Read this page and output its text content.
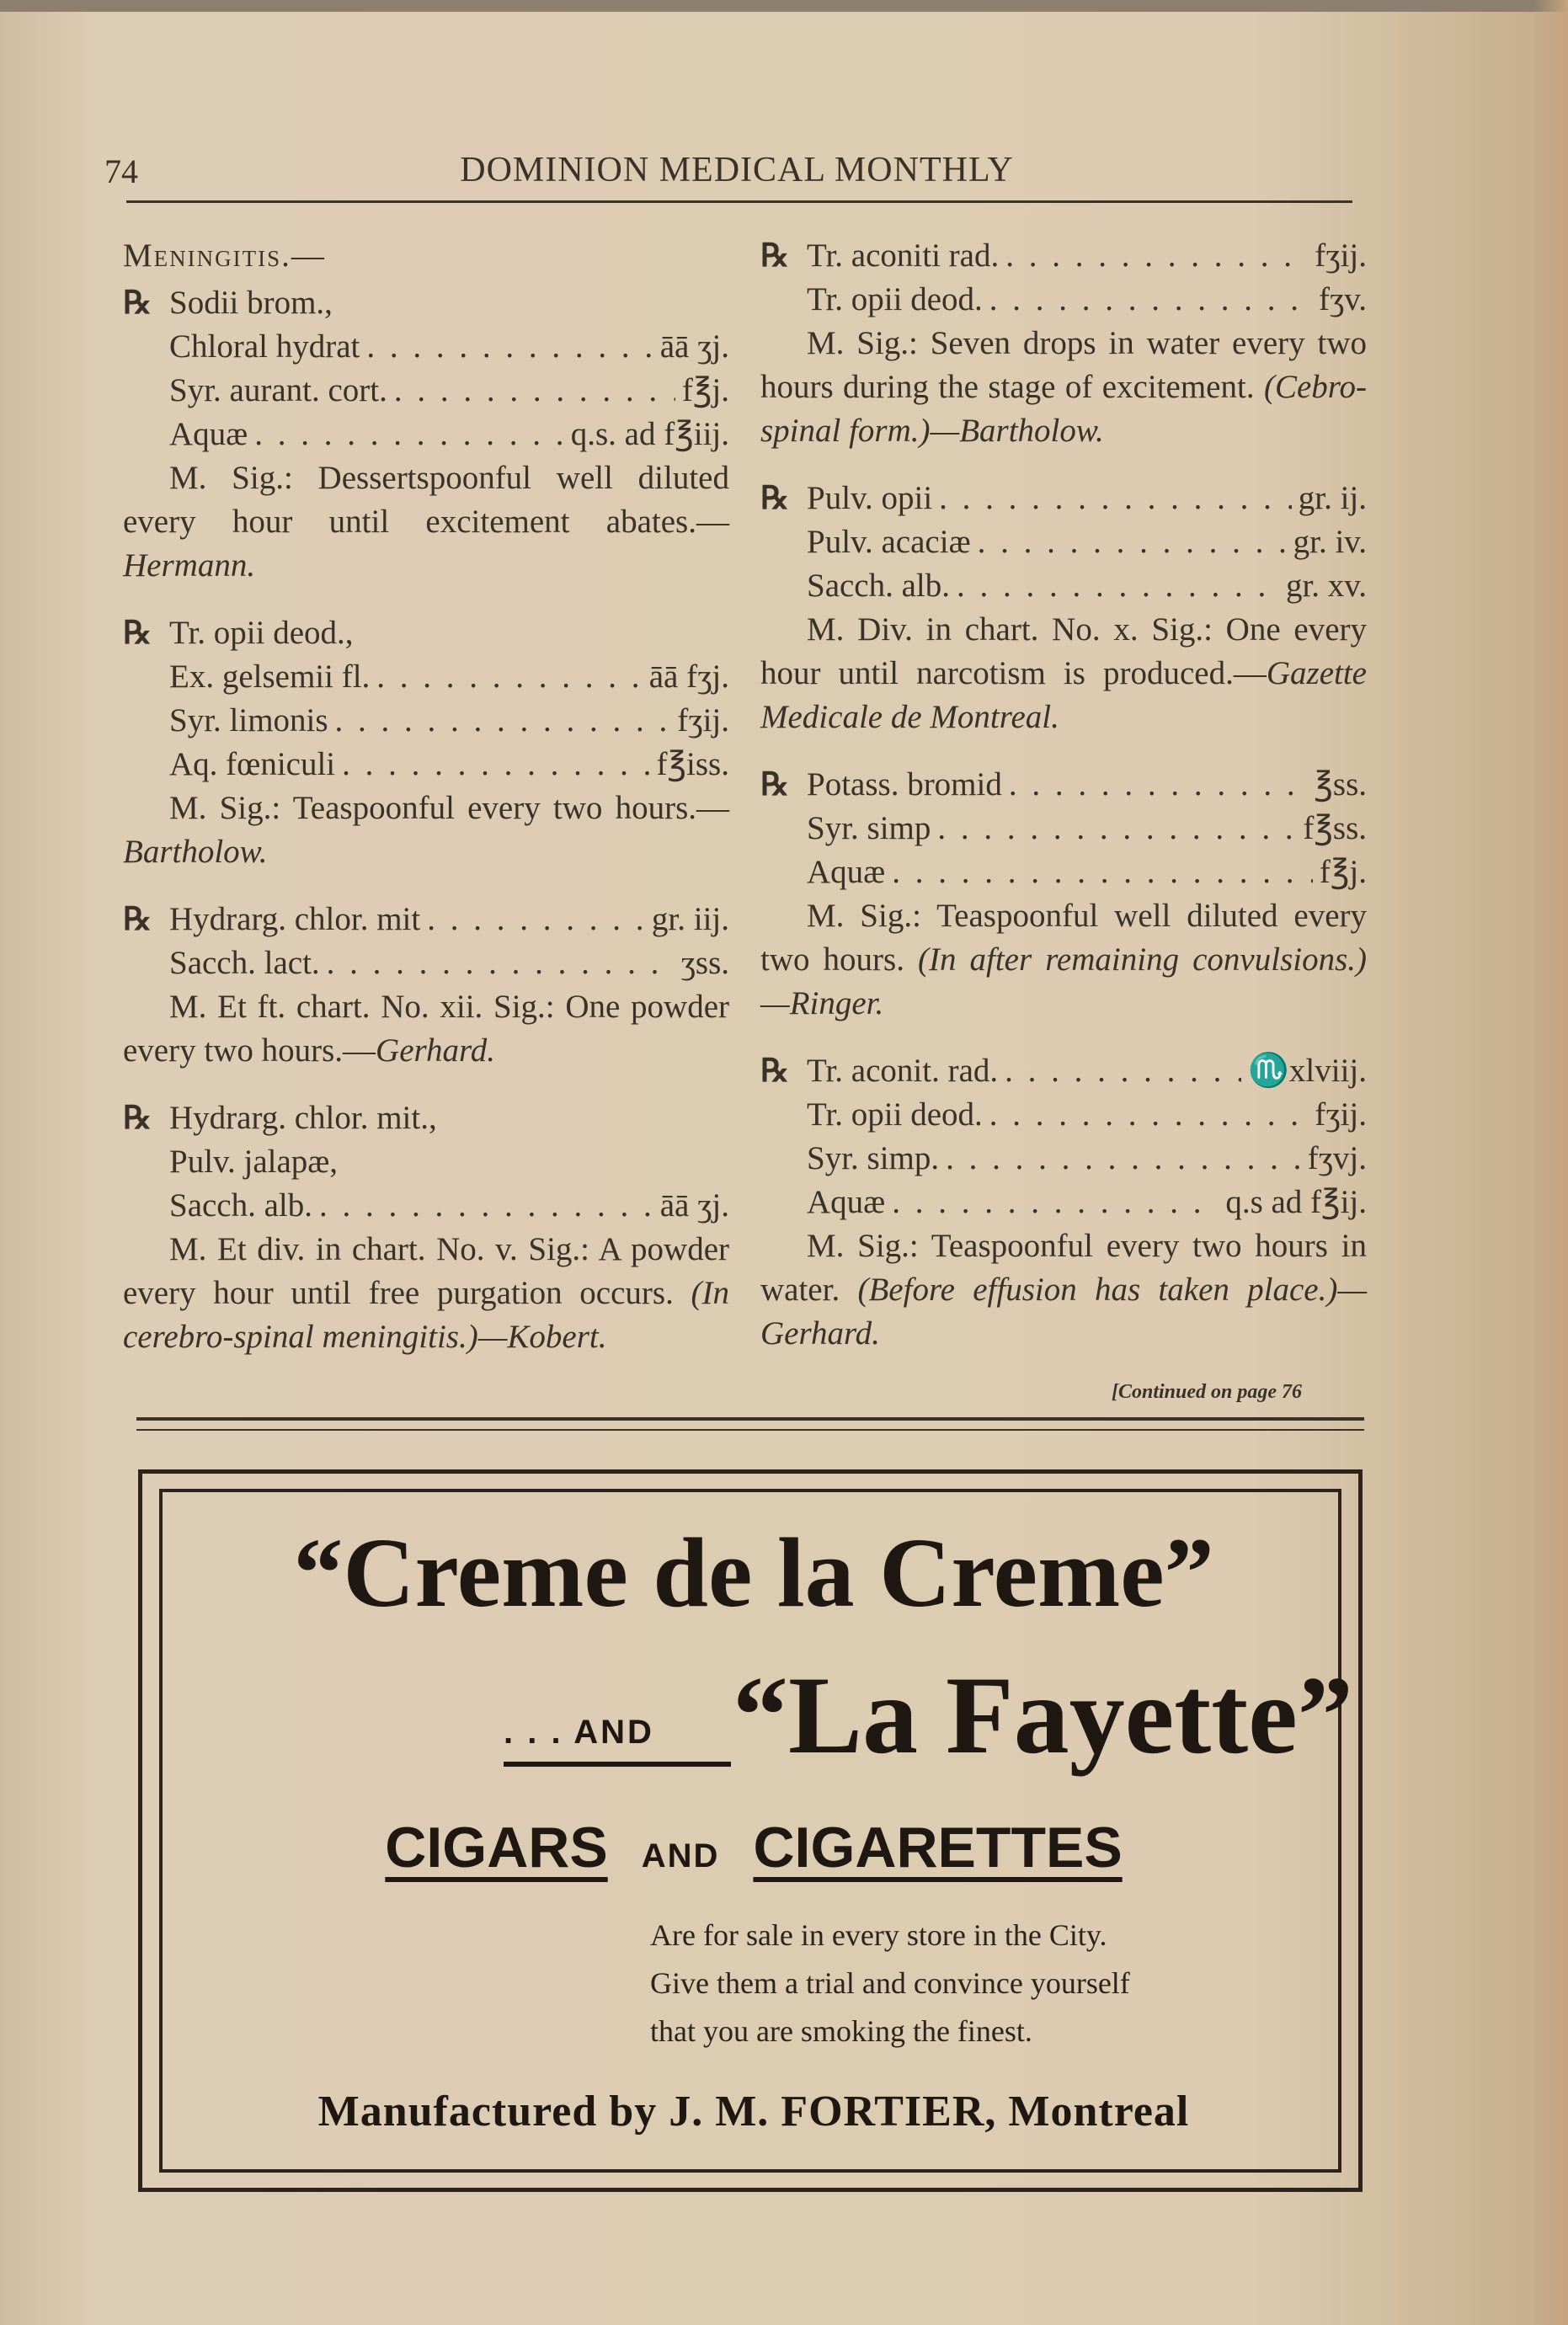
74	DOMINION MEDICAL MONTHLY
Meningitis.—
℞ Sodii brom.,
Chloral hydrat . . .	āā ʒj.
Syr. aurant. cort. . . .	f℥j.
Aquæ . . .	q.s. ad f℥iij.
M. Sig.: Dessertspoonful well diluted every hour until excitement abates.—Hermann.
℞ Tr. opii deod.,
Ex. gelsemii fl. . . .	āā fʒj.
Syr. limonis . . .	fʒij.
Aq. fœniculi . . .	f℥iss.
M. Sig.: Teaspoonful every two hours.—Bartholow.
℞ Hydrarg. chlor. mit . . .	gr. iij.
Sacch. lact. . . .	ʒss.
M. Et ft. chart. No. xii. Sig.: One powder every two hours.—Gerhard.
℞ Hydrarg. chlor. mit.,
Pulv. jalapæ,
Sacch. alb. . . .	āā ʒj.
M. Et div. in chart. No. v. Sig.: A powder every hour until free purgation occurs. (In cerebro-spinal meningitis.)—Kobert.
℞ Tr. aconiti rad. . . .	fʒij.
Tr. opii deod. . . .	fʒv.
M. Sig.: Seven drops in water every two hours during the stage of excitement. (Cebro-spinal form.)—Bartholow.
℞ Pulv. opii . . .	gr. ij.
Pulv. acaciæ . . .	gr. iv.
Sacch. alb. . . .	gr. xv.
M. Div. in chart. No. x. Sig.: One every hour until narcotism is produced.—Gazette Medicale de Montreal.
℞ Potass. bromid . . .	℥ss.
Syr. simp . . .	f℥ss.
Aquæ . . .	f℥j.
M. Sig.: Teaspoonful well diluted every two hours. (In after remaining convulsions.)—Ringer.
℞ Tr. aconit. rad. . . .	♏xlviij.
Tr. opii deod. . . .	fʒij.
Syr. simp. . . .	fʒvj.
Aquæ . . .	q.s ad f℥ij.
M. Sig.: Teaspoonful every two hours in water. (Before effusion has taken place.)—Gerhard.
[Continued on page 76
“Creme de la Creme”
. . . AND “La Fayette”
CIGARS AND CIGARETTES
Are for sale in every store in the City.
Give them a trial and convince yourself
that you are smoking the finest.
Manufactured by J. M. FORTIER, Montreal
